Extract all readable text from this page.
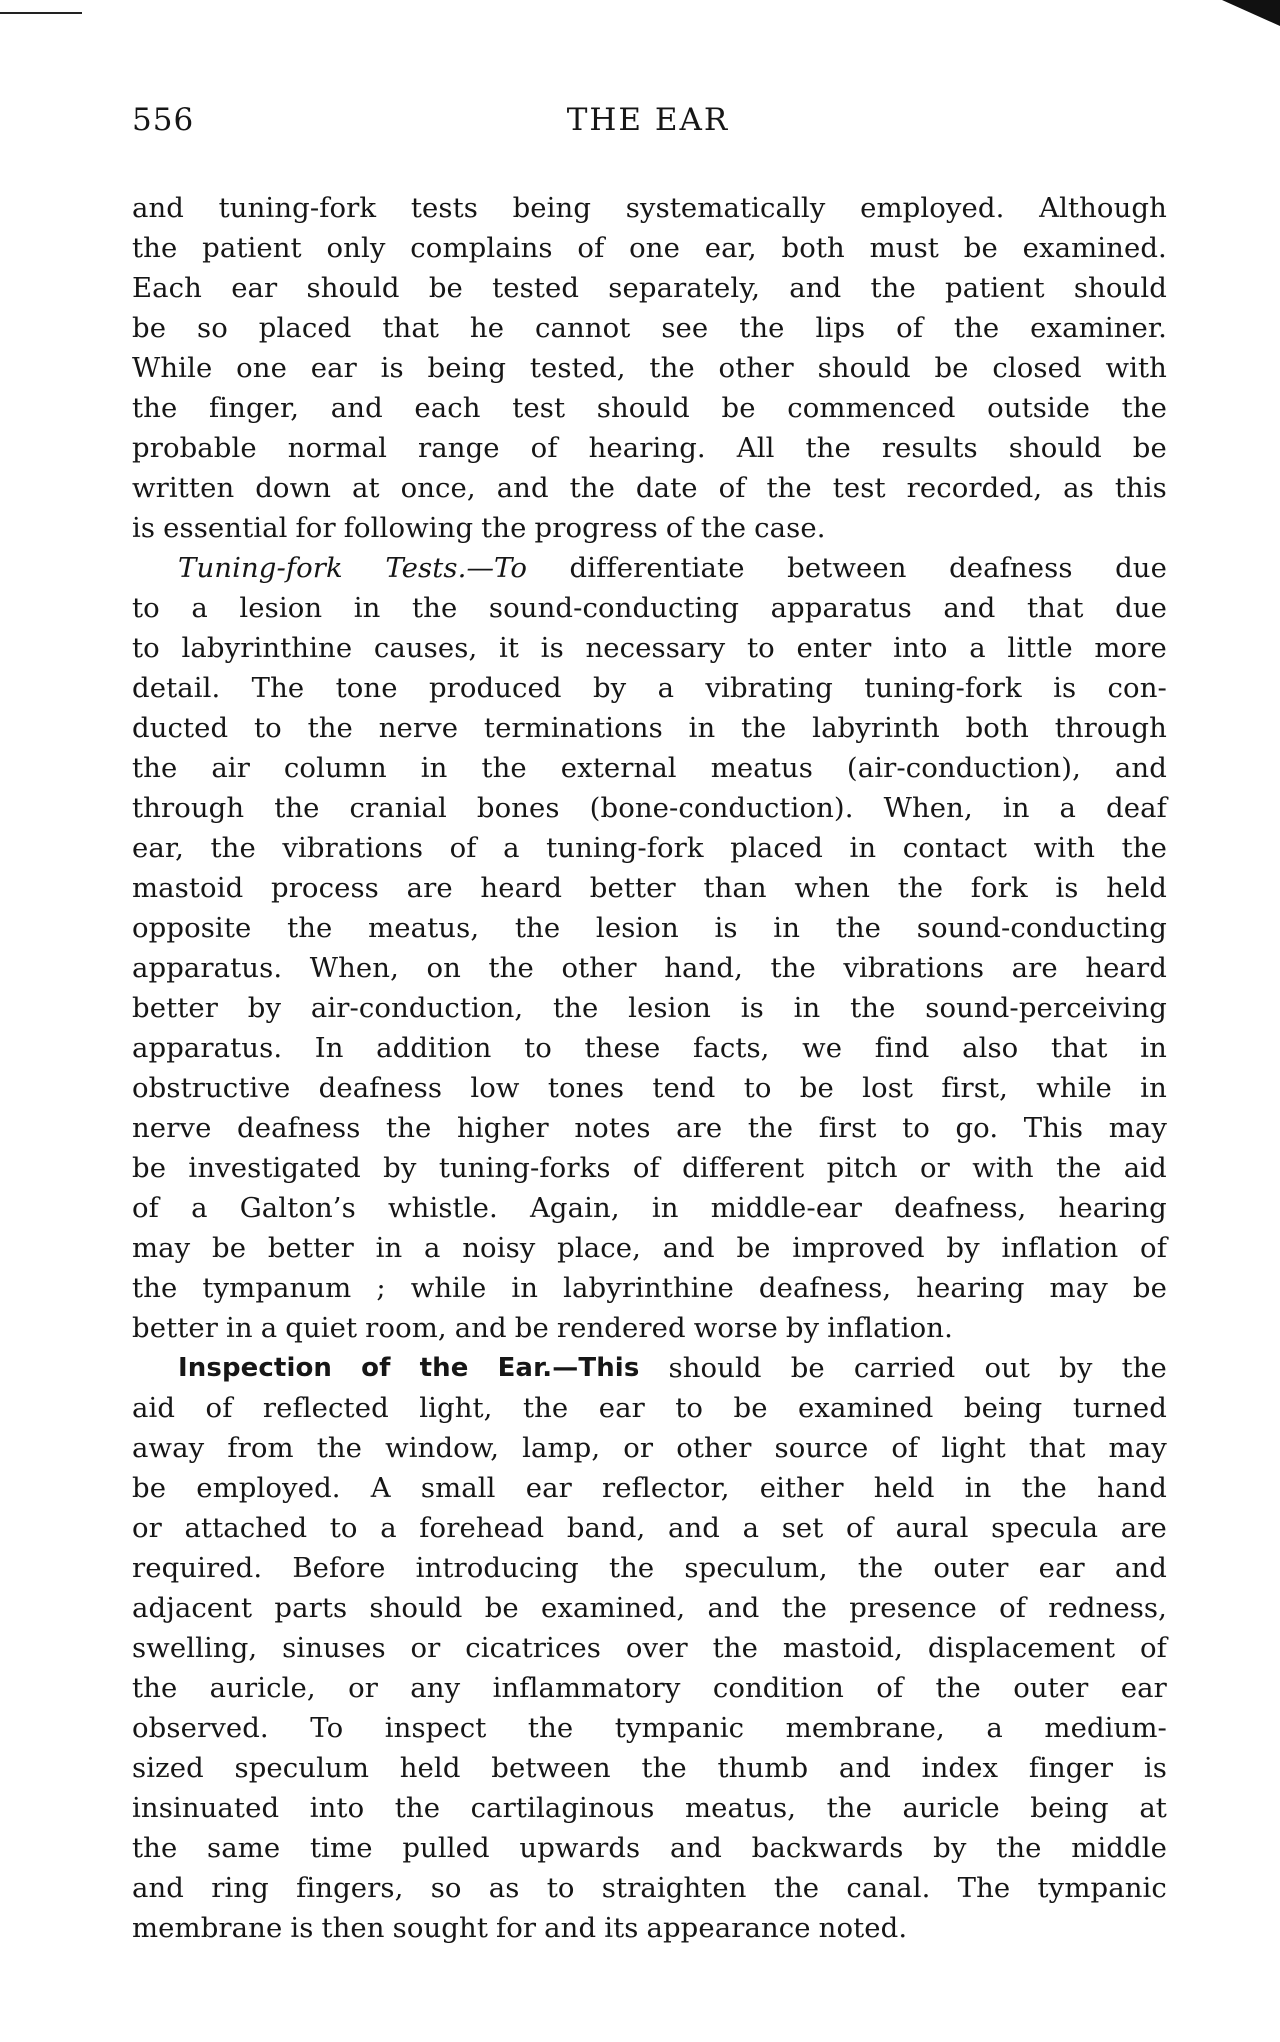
556	THE EAR
and tuning-fork tests being systematically employed. Although
the patient only complains of one ear, both must be examined.
Each ear should be tested separately, and the patient should
be so placed that he cannot see the lips of the examiner.
While one ear is being tested, the other should be closed with
the finger, and each test should be commenced outside the
probable normal range of hearing. All the results should be
written down at once, and the date of the test recorded, as this
is essential for following the progress of the case.
Tuning-fork Tests.—To differentiate between deafness due
to a lesion in the sound-conducting apparatus and that due
to labyrinthine causes, it is necessary to enter into a little more
detail. The tone produced by a vibrating tuning-fork is con-
ducted to the nerve terminations in the labyrinth both through
the air column in the external meatus (air-conduction), and
through the cranial bones (bone-conduction). When, in a deaf
ear, the vibrations of a tuning-fork placed in contact with the
mastoid process are heard better than when the fork is held
opposite the meatus, the lesion is in the sound-conducting
apparatus. When, on the other hand, the vibrations are heard
better by air-conduction, the lesion is in the sound-perceiving
apparatus. In addition to these facts, we find also that in
obstructive deafness low tones tend to be lost first, while in
nerve deafness the higher notes are the first to go. This may
be investigated by tuning-forks of different pitch or with the aid
of a Galton’s whistle. Again, in middle-ear deafness, hearing
may be better in a noisy place, and be improved by inflation of
the tympanum ; while in labyrinthine deafness, hearing may be
better in a quiet room, and be rendered worse by inflation.
Inspection of the Ear.—This should be carried out by the
aid of reflected light, the ear to be examined being turned
away from the window, lamp, or other source of light that may
be employed. A small ear reflector, either held in the hand
or attached to a forehead band, and a set of aural specula are
required. Before introducing the speculum, the outer ear and
adjacent parts should be examined, and the presence of redness,
swelling, sinuses or cicatrices over the mastoid, displacement of
the auricle, or any inflammatory condition of the outer ear
observed. To inspect the tympanic membrane, a medium-
sized speculum held between the thumb and index finger is
insinuated into the cartilaginous meatus, the auricle being at
the same time pulled upwards and backwards by the middle
and ring fingers, so as to straighten the canal. The tympanic
membrane is then sought for and its appearance noted.
